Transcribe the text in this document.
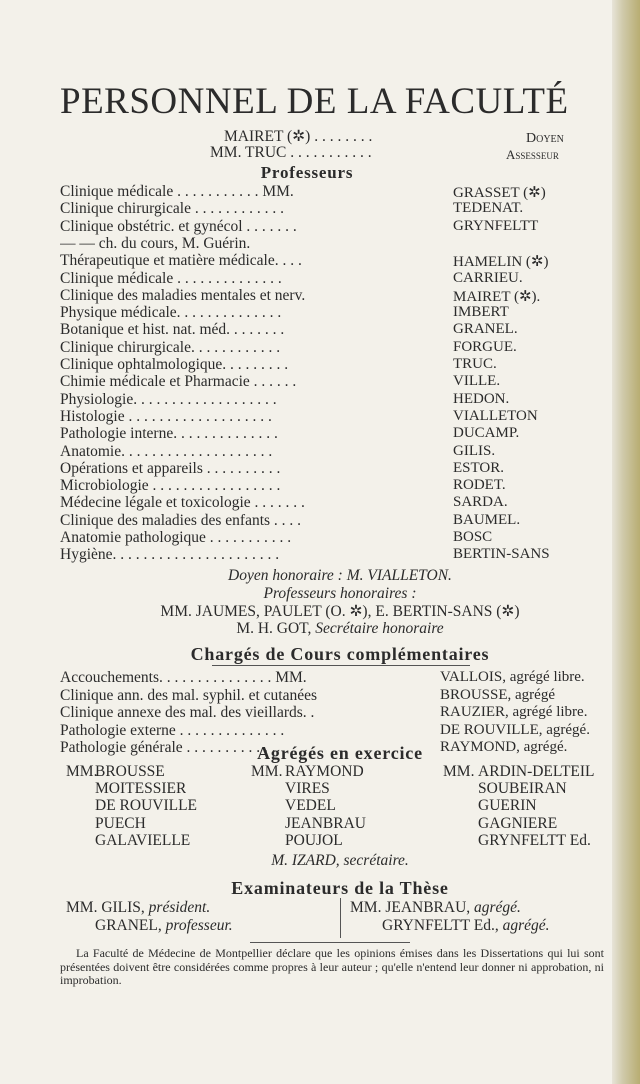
PERSONNEL DE LA FACULTÉ
MAIRET (✲) . . . . . . . .	Doyen
MM. TRUC . . . . . . . . . . .	Assesseur
Professeurs
Clinique médicale . . . . . . . . . . . MM.	GRASSET (✲)
Clinique chirurgicale . . . . . . . . . . . .	TEDENAT.
Clinique obstétric. et gynécol . . . . . . .	GRYNFELTT
— — ch. du cours, M. Guérin.
Thérapeutique et matière médicale. . . .	HAMELIN (✲)
Clinique médicale . . . . . . . . . . . . . .	CARRIEU.
Clinique des maladies mentales et nerv.	MAIRET (✲).
Physique médicale. . . . . . . . . . . . . .	IMBERT
Botanique et hist. nat. méd. . . . . . . .	GRANEL.
Clinique chirurgicale. . . . . . . . . . . .	FORGUE.
Clinique ophtalmologique. . . . . . . . .	TRUC.
Chimie médicale et Pharmacie . . . . . .	VILLE.
Physiologie. . . . . . . . . . . . . . . . . . .	HEDON.
Histologie . . . . . . . . . . . . . . . . . . .	VIALLETON
Pathologie interne. . . . . . . . . . . . . .	DUCAMP.
Anatomie. . . . . . . . . . . . . . . . . . . .	GILIS.
Opérations et appareils . . . . . . . . . .	ESTOR.
Microbiologie . . . . . . . . . . . . . . . . .	RODET.
Médecine légale et toxicologie . . . . . . .	SARDA.
Clinique des maladies des enfants . . . .	BAUMEL.
Anatomie pathologique . . . . . . . . . . .	BOSC
Hygiène. . . . . . . . . . . . . . . . . . . . . .	BERTIN-SANS
Doyen honoraire : M. VIALLETON.
Professeurs honoraires :
MM. JAUMES, PAULET (O. ✲), E. BERTIN-SANS (✲)
M. H. GOT, Secrétaire honoraire
Chargés de Cours complémentaires
Accouchements. . . . . . . . . . . . . . . MM.	VALLOIS, agrégé libre.
Clinique ann. des mal. syphil. et cutanées	BROUSSE, agrégé
Clinique annexe des mal. des vieillards. .	RAUZIER, agrégé libre.
Pathologie externe . . . . . . . . . . . . . .	DE ROUVILLE, agrégé.
Pathologie générale . . . . . . . . . . . .	RAYMOND, agrégé.
Agrégés en exercice
MM.
BROUSSE
MOITESSIER
DE ROUVILLE
PUECH
GALAVIELLE
MM. RAYMOND
VIRES
VEDEL
JEANBRAU
POUJOL
MM. ARDIN-DELTEIL
SOUBEIRAN
GUERIN
GAGNIERE
GRYNFELTT Ed.
M. IZARD, secrétaire.
Examinateurs de la Thèse
MM. GILIS, président.
GRANEL, professeur.
MM. JEANBRAU, agrégé.
GRYNFELTT Ed., agrégé.
La Faculté de Médecine de Montpellier déclare que les opinions émises dans les Dissertations qui lui sont présentées doivent être considérées comme propres à leur auteur ; qu'elle n'entend leur donner ni approbation, ni improbation.
